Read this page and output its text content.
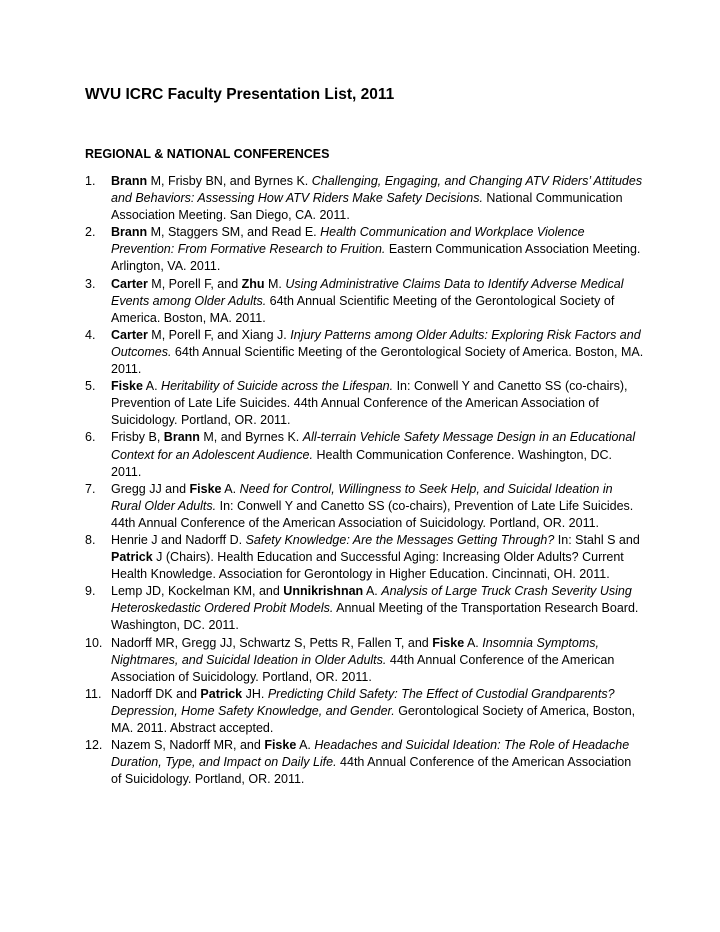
WVU ICRC Faculty Presentation List, 2011
REGIONAL & NATIONAL CONFERENCES
1. Brann M, Frisby BN, and Byrnes K. Challenging, Engaging, and Changing ATV Riders’ Attitudes and Behaviors: Assessing How ATV Riders Make Safety Decisions. National Communication Association Meeting. San Diego, CA. 2011.
2. Brann M, Staggers SM, and Read E. Health Communication and Workplace Violence Prevention: From Formative Research to Fruition. Eastern Communication Association Meeting. Arlington, VA. 2011.
3. Carter M, Porell F, and Zhu M. Using Administrative Claims Data to Identify Adverse Medical Events among Older Adults. 64th Annual Scientific Meeting of the Gerontological Society of America. Boston, MA. 2011.
4. Carter M, Porell F, and Xiang J. Injury Patterns among Older Adults: Exploring Risk Factors and Outcomes. 64th Annual Scientific Meeting of the Gerontological Society of America. Boston, MA. 2011.
5. Fiske A. Heritability of Suicide across the Lifespan. In: Conwell Y and Canetto SS (co-chairs), Prevention of Late Life Suicides. 44th Annual Conference of the American Association of Suicidology. Portland, OR. 2011.
6. Frisby B, Brann M, and Byrnes K. All-terrain Vehicle Safety Message Design in an Educational Context for an Adolescent Audience. Health Communication Conference. Washington, DC. 2011.
7. Gregg JJ and Fiske A. Need for Control, Willingness to Seek Help, and Suicidal Ideation in Rural Older Adults. In: Conwell Y and Canetto SS (co-chairs), Prevention of Late Life Suicides. 44th Annual Conference of the American Association of Suicidology. Portland, OR. 2011.
8. Henrie J and Nadorff D. Safety Knowledge: Are the Messages Getting Through? In: Stahl S and Patrick J (Chairs). Health Education and Successful Aging: Increasing Older Adults? Current Health Knowledge. Association for Gerontology in Higher Education. Cincinnati, OH. 2011.
9. Lemp JD, Kockelman KM, and Unnikrishnan A. Analysis of Large Truck Crash Severity Using Heteroskedastic Ordered Probit Models. Annual Meeting of the Transportation Research Board. Washington, DC. 2011.
10. Nadorff MR, Gregg JJ, Schwartz S, Petts R, Fallen T, and Fiske A. Insomnia Symptoms, Nightmares, and Suicidal Ideation in Older Adults. 44th Annual Conference of the American Association of Suicidology. Portland, OR. 2011.
11. Nadorff DK and Patrick JH. Predicting Child Safety: The Effect of Custodial Grandparents? Depression, Home Safety Knowledge, and Gender. Gerontological Society of America, Boston, MA. 2011. Abstract accepted.
12. Nazem S, Nadorff MR, and Fiske A. Headaches and Suicidal Ideation: The Role of Headache Duration, Type, and Impact on Daily Life. 44th Annual Conference of the American Association of Suicidology. Portland, OR. 2011.
